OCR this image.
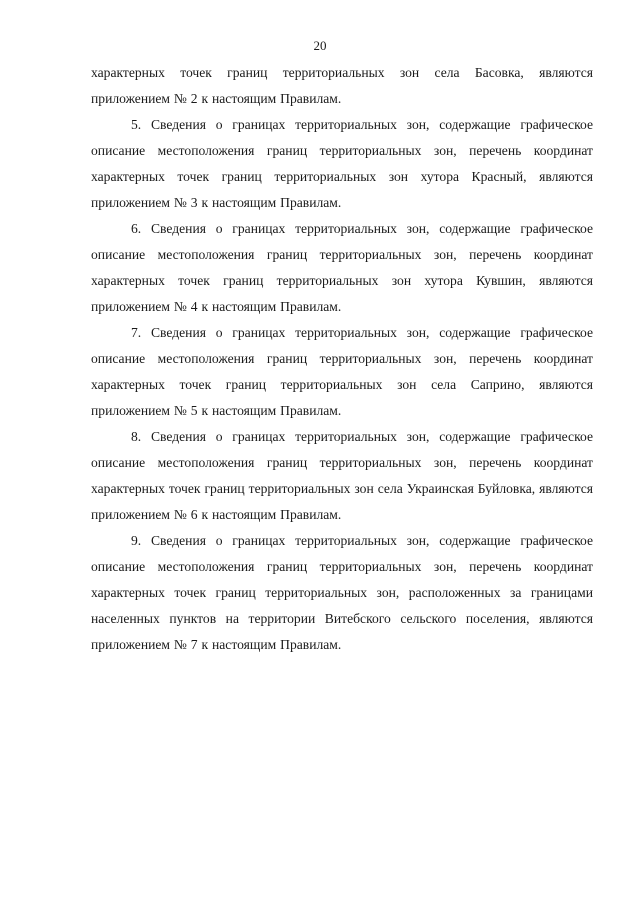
20

характерных точек границ территориальных зон села Басовка, являются приложением № 2 к настоящим Правилам.

5. Сведения о границах территориальных зон, содержащие графическое описание местоположения границ территориальных зон, перечень координат характерных точек границ территориальных зон хутора Красный, являются приложением № 3 к настоящим Правилам.

6. Сведения о границах территориальных зон, содержащие графическое описание местоположения границ территориальных зон, перечень координат характерных точек границ территориальных зон хутора Кувшин, являются приложением № 4 к настоящим Правилам.

7. Сведения о границах территориальных зон, содержащие графическое описание местоположения границ территориальных зон, перечень координат характерных точек границ территориальных зон села Саприно, являются приложением № 5 к настоящим Правилам.

8. Сведения о границах территориальных зон, содержащие графическое описание местоположения границ территориальных зон, перечень координат характерных точек границ территориальных зон села Украинская Буйловка, являются приложением № 6 к настоящим Правилам.

9. Сведения о границах территориальных зон, содержащие графическое описание местоположения границ территориальных зон, перечень координат характерных точек границ территориальных зон, расположенных за границами населенных пунктов на территории Витебского сельского поселения, являются приложением № 7 к настоящим Правилам.
